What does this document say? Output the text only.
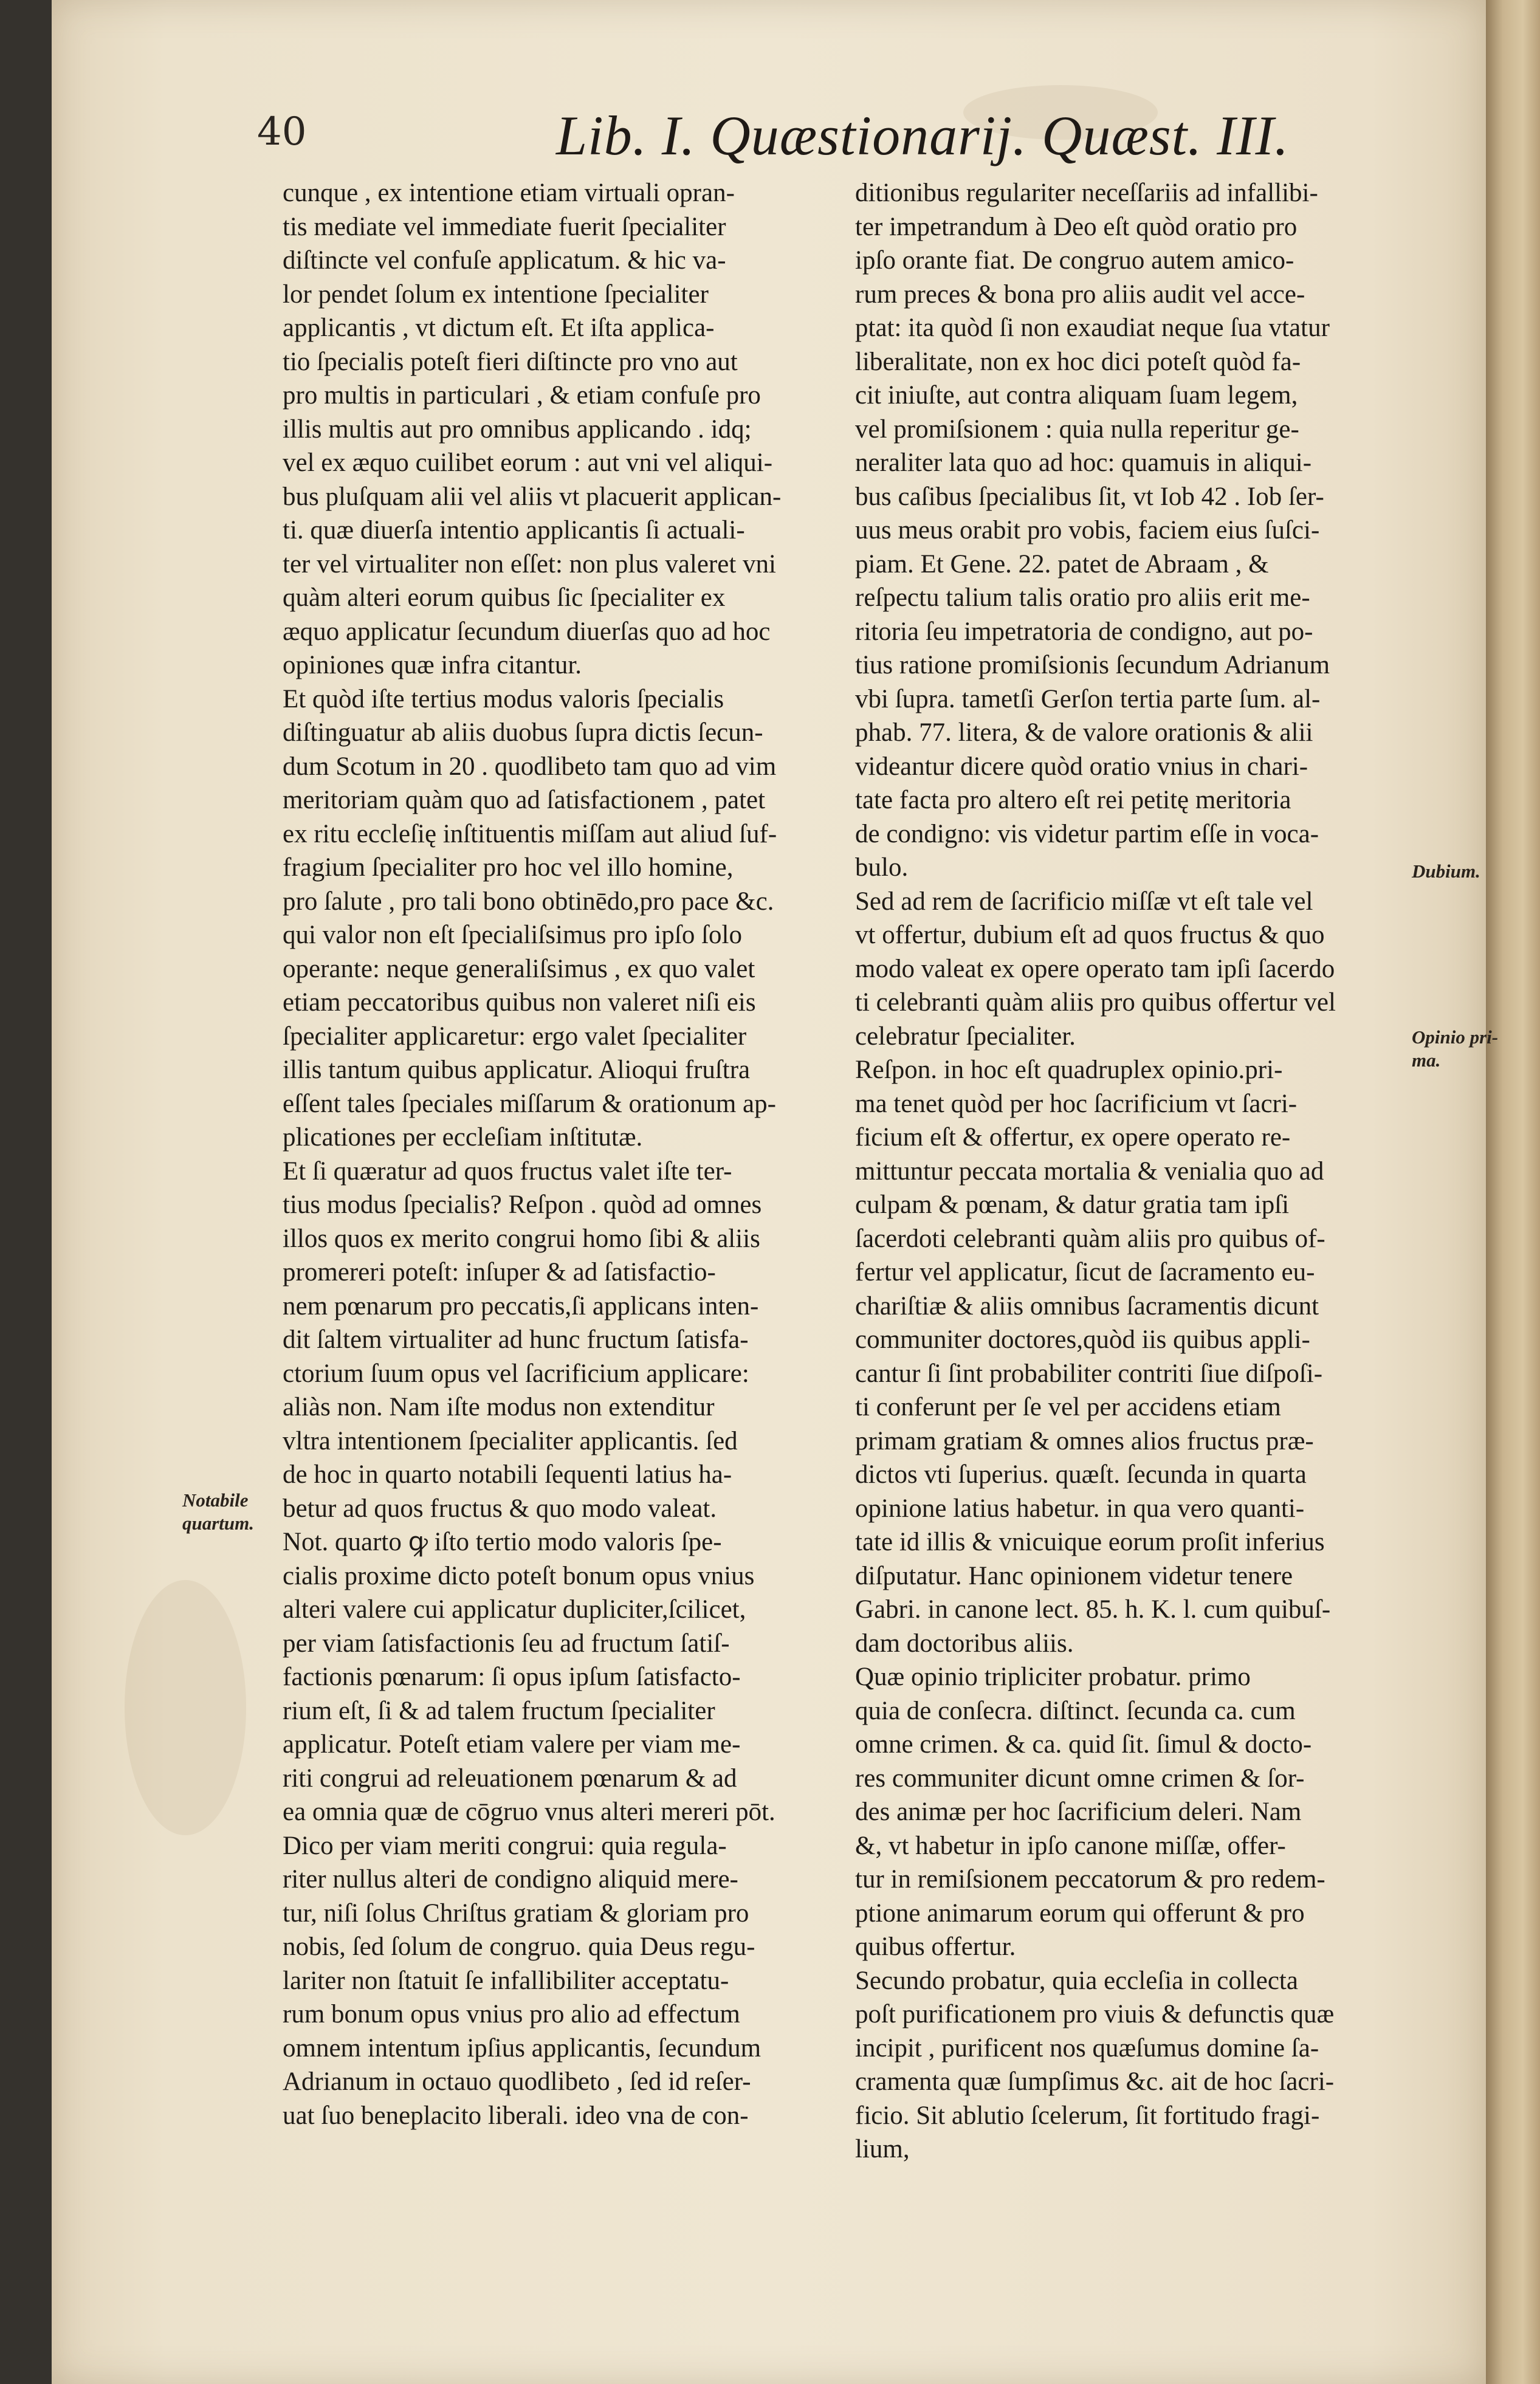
40	Lib. I. Quæstionarij. Quæst. III.
Notabile
quartum.
Dubium.
Opinio pri-
ma.
cunque , ex intentione etiam virtuali opran-
tis mediate vel immediate fuerit ſpecialiter
diſtincte vel confuſe applicatum. & hic va-
lor pendet ſolum ex intentione ſpecialiter
applicantis , vt dictum eſt. Et iſta applica-
tio ſpecialis poteſt fieri diſtincte pro vno aut
pro multis in particulari , & etiam confuſe pro
illis multis aut pro omnibus applicando . idq;
vel ex æquo cuilibet eorum : aut vni vel aliqui-
bus pluſquam alii vel aliis vt placuerit applican-
ti. quæ diuerſa intentio applicantis ſi actuali-
ter vel virtualiter non eſſet: non plus valeret vni
quàm alteri eorum quibus ſic ſpecialiter ex
æquo applicatur ſecundum diuerſas quo ad hoc
opiniones quæ infra citantur.
Et quòd iſte tertius modus valoris ſpecialis
diſtinguatur ab aliis duobus ſupra dictis ſecun-
dum Scotum in 20 . quodlibeto tam quo ad vim
meritoriam quàm quo ad ſatisfactionem , patet
ex ritu eccleſię inſtituentis miſſam aut aliud ſuf-
fragium ſpecialiter pro hoc vel illo homine,
pro ſalute , pro tali bono obtinēdo,pro pace &c.
qui valor non eſt ſpecialiſsimus pro ipſo ſolo
operante: neque generaliſsimus , ex quo valet
etiam peccatoribus quibus non valeret niſi eis
ſpecialiter applicaretur: ergo valet ſpecialiter
illis tantum quibus applicatur. Alioqui fruſtra
eſſent tales ſpeciales miſſarum & orationum ap-
plicationes per eccleſiam inſtitutæ.
Et ſi quæratur ad quos fructus valet iſte ter-
tius modus ſpecialis? Reſpon . quòd ad omnes
illos quos ex merito congrui homo ſibi & aliis
promereri poteſt: inſuper & ad ſatisfactio-
nem pœnarum pro peccatis,ſi applicans inten-
dit ſaltem virtualiter ad hunc fructum ſatisfa-
ctorium ſuum opus vel ſacrificium applicare:
aliàs non. Nam iſte modus non extenditur
vltra intentionem ſpecialiter applicantis. ſed
de hoc in quarto notabili ſequenti latius ha-
betur ad quos fructus & quo modo valeat.
Not. quarto ꝙ iſto tertio modo valoris ſpe-
cialis proxime dicto poteſt bonum opus vnius
alteri valere cui applicatur dupliciter,ſcilicet,
per viam ſatisfactionis ſeu ad fructum ſatiſ-
factionis pœnarum: ſi opus ipſum ſatisfacto-
rium eſt, ſi & ad talem fructum ſpecialiter
applicatur. Poteſt etiam valere per viam me-
riti congrui ad releuationem pœnarum & ad
ea omnia quæ de cōgruo vnus alteri mereri pōt.
Dico per viam meriti congrui: quia regula-
riter nullus alteri de condigno aliquid mere-
tur, niſi ſolus Chriſtus gratiam & gloriam pro
nobis, ſed ſolum de congruo. quia Deus regu-
lariter non ſtatuit ſe infallibiliter acceptatu-
rum bonum opus vnius pro alio ad effectum
omnem intentum ipſius applicantis, ſecundum
Adrianum in octauo quodlibeto , ſed id reſer-
uat ſuo beneplacito liberali. ideo vna de con-
ditionibus regulariter neceſſariis ad infallibi-
ter impetrandum à Deo eſt quòd oratio pro
ipſo orante fiat. De congruo autem amico-
rum preces & bona pro aliis audit vel acce-
ptat: ita quòd ſi non exaudiat neque ſua vtatur
liberalitate, non ex hoc dici poteſt quòd fa-
cit iniuſte, aut contra aliquam ſuam legem,
vel promiſsionem : quia nulla reperitur ge-
neraliter lata quo ad hoc: quamuis in aliqui-
bus caſibus ſpecialibus ſit, vt Iob 42 . Iob ſer-
uus meus orabit pro vobis, faciem eius ſuſci-
piam. Et Gene. 22. patet de Abraam , &
reſpectu talium talis oratio pro aliis erit me-
ritoria ſeu impetratoria de condigno, aut po-
tius ratione promiſsionis ſecundum Adrianum
vbi ſupra. tametſi Gerſon tertia parte ſum. al-
phab. 77. litera, & de valore orationis & alii
videantur dicere quòd oratio vnius in chari-
tate facta pro altero eſt rei petitę meritoria
de condigno: vis videtur partim eſſe in voca-
bulo.
Sed ad rem de ſacrificio miſſæ vt eſt tale vel
vt offertur, dubium eſt ad quos fructus & quo
modo valeat ex opere operato tam ipſi ſacerdo
ti celebranti quàm aliis pro quibus offertur vel
celebratur ſpecialiter.
Reſpon. in hoc eſt quadruplex opinio.pri-
ma tenet quòd per hoc ſacrificium vt ſacri-
ficium eſt & offertur, ex opere operato re-
mittuntur peccata mortalia & venialia quo ad
culpam & pœnam, & datur gratia tam ipſi
ſacerdoti celebranti quàm aliis pro quibus of-
fertur vel applicatur, ſicut de ſacramento eu-
chariſtiæ & aliis omnibus ſacramentis dicunt
communiter doctores,quòd iis quibus appli-
cantur ſi ſint probabiliter contriti ſiue diſpoſi-
ti conferunt per ſe vel per accidens etiam
primam gratiam & omnes alios fructus præ-
dictos vti ſuperius. quæſt. ſecunda in quarta
opinione latius habetur. in qua vero quanti-
tate id illis & vnicuique eorum proſit inferius
diſputatur. Hanc opinionem videtur tenere
Gabri. in canone lect. 85. h. K. l. cum quibuſ-
dam doctoribus aliis.
Quæ opinio tripliciter probatur. primo
quia de conſecra. diſtinct. ſecunda ca. cum
omne crimen. & ca. quid ſit. ſimul & docto-
res communiter dicunt omne crimen & ſor-
des animæ per hoc ſacrificium deleri. Nam
&, vt habetur in ipſo canone miſſæ, offer-
tur in remiſsionem peccatorum & pro redem-
ptione animarum eorum qui offerunt & pro
quibus offertur.
Secundo probatur, quia eccleſia in collecta
poſt purificationem pro viuis & defunctis quæ
incipit , purificent nos quæſumus domine ſa-
cramenta quæ ſumpſimus &c. ait de hoc ſacri-
ficio. Sit ablutio ſcelerum, ſit fortitudo fragi-
lium,
